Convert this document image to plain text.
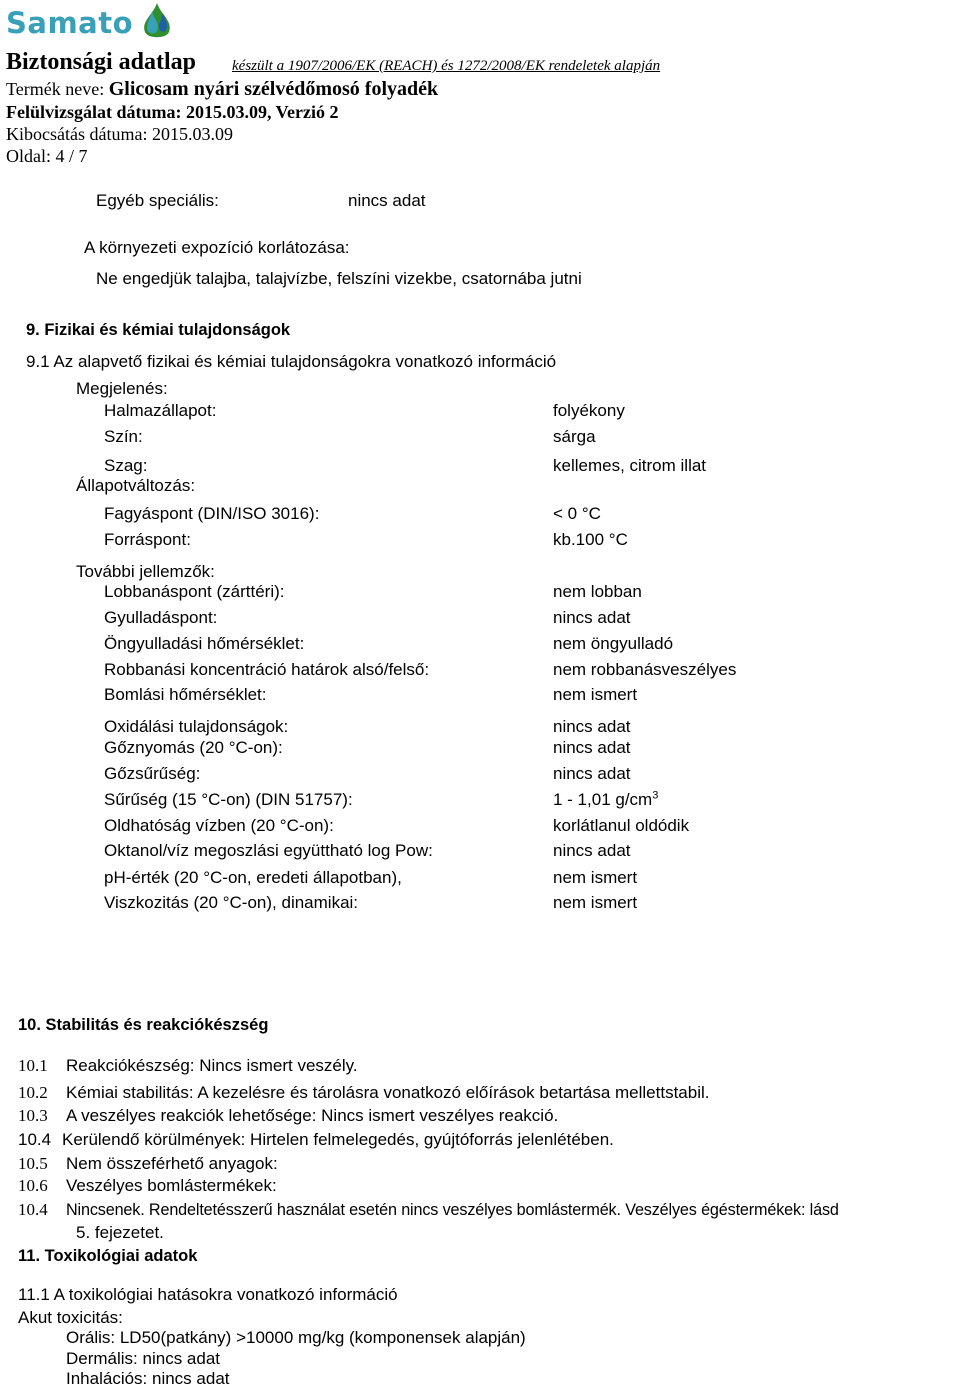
Samato
Biztonsági adatlap készült a 1907/2006/EK (REACH) és 1272/2008/EK rendeletek alapján
Termék neve: Glicosam nyári szélvédőmosó folyadék
Felülvizsgálat dátuma: 2015.03.09, Verzió 2
Kibocsátás dátuma: 2015.03.09
Oldal: 4 / 7
Egyéb speciális:	nincs adat
A környezeti expozíció korlátozása:
Ne engedjük talajba, talajvízbe, felszíni vizekbe, csatornába jutni
9. Fizikai és kémiai tulajdonságok
9.1 Az alapvető fizikai és kémiai tulajdonságokra vonatkozó információ
Megjelenés:
Halmazállapot:	folyékony
Szín:	sárga
Szag:	kellemes, citrom illat
Állapotváltozás:
Fagyáspont (DIN/ISO 3016):	< 0 °C
Forráspont:	kb.100 °C
További jellemzők:
Lobbanáspont (zárttéri):	nem lobban
Gyulladáspont:	nincs adat
Öngyulladási hőmérséklet:	nem öngyulladó
Robbanási koncentráció határok alsó/felső:	nem robbanásveszélyes
Bomlási hőmérséklet:	nem ismert
Oxidálási tulajdonságok:	nincs adat
Gőznyomás (20 °C-on):	nincs adat
Gőzsűrűség:	nincs adat
Sűrűség (15 °C-on) (DIN 51757):	1 - 1,01 $g/cm^3$
Oldhatóság vízben (20 °C-on):	korlátlanul oldódik
Oktanol/víz megoszlási együttható log Pow:	nincs adat
pH-érték (20 °C-on, eredeti állapotban),	nem ismert
Viszkozitás (20 °C-on), dinamikai:	nem ismert
10. Stabilitás és reakciókészség
10.1 Reakciókészség: Nincs ismert veszély.
10.2 Kémiai stabilitás: A kezelésre és tárolásra vonatkozó előírások betartása mellettstabil.
10.3 A veszélyes reakciók lehetősége: Nincs ismert veszélyes reakció.
10.4 Kerülendő körülmények: Hirtelen felmelegedés, gyújtóforrás jelenlétében.
10.5 Nem összeférhető anyagok:
10.6 Veszélyes bomlástermékek:
10.4 Nincsenek. Rendeltetésszerű használat esetén nincs veszélyes bomlástermék. Veszélyes égéstermékek: lásd
5. fejezetet.
11. Toxikológiai adatok
11.1 A toxikológiai hatásokra vonatkozó információ
Akut toxicitás:
Orális: LD50(patkány) >10000 mg/kg (komponensek alapján)
Dermális: nincs adat
Inhalációs: nincs adat
